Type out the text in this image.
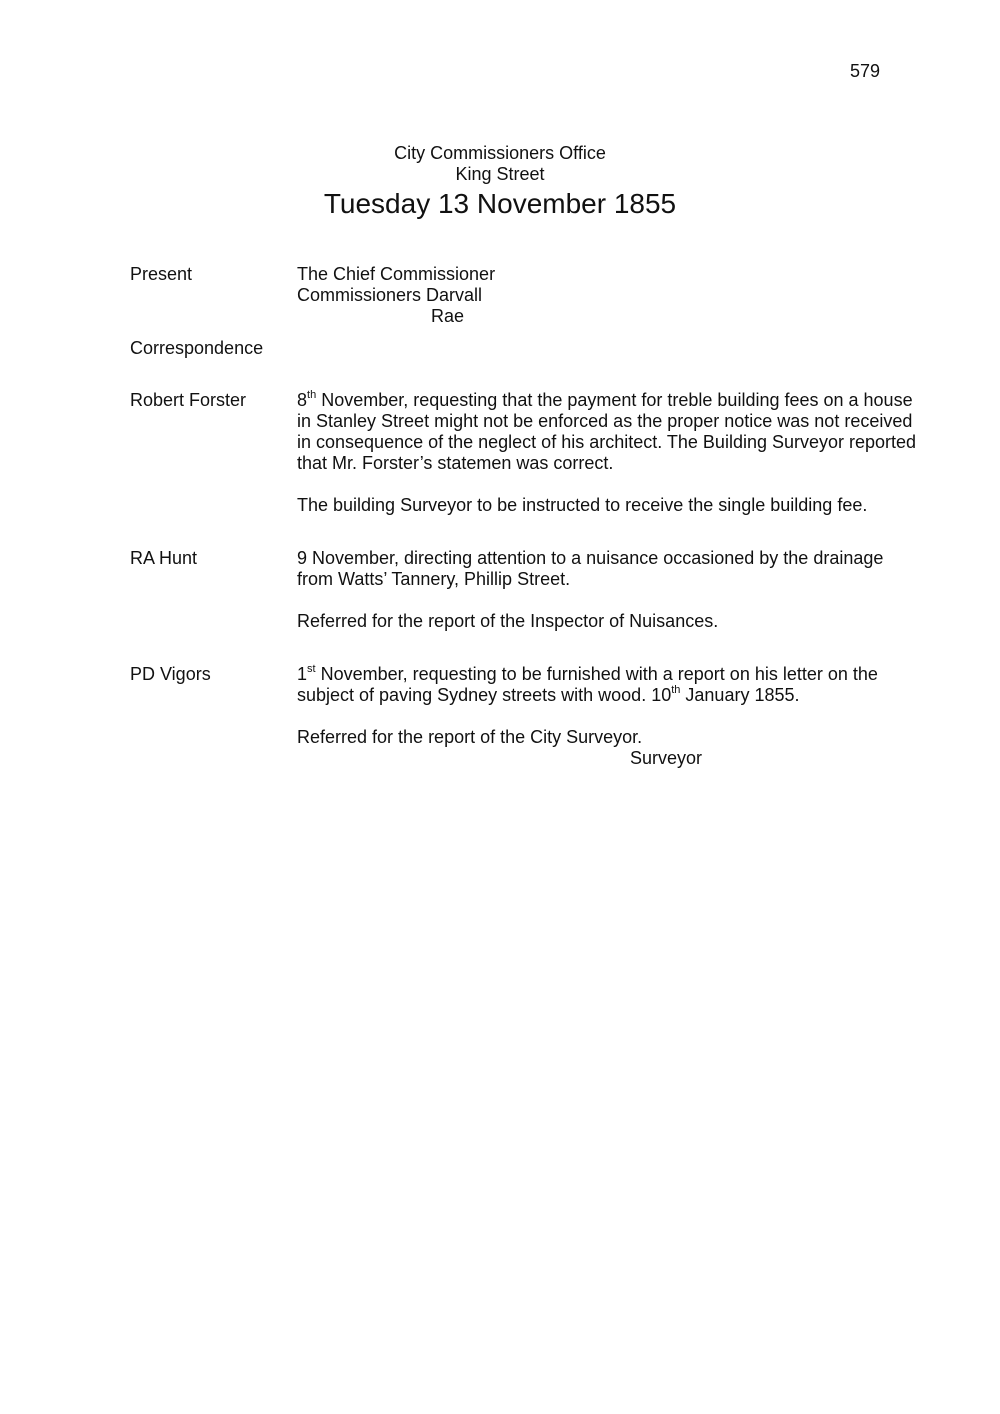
579
City Commissioners Office
King Street
Tuesday 13 November 1855
Present	The Chief Commissioner

Commissioners Darvall

Rae

Correspondence
Robert Forster	8th November, requesting that the payment for treble building fees on a house in Stanley Street might not be enforced as the proper notice was not received in consequence of the neglect of his architect. The Building Surveyor reported that Mr. Forster’s statemen was correct.

The building Surveyor to be instructed to receive the single building fee.

RA Hunt	9 November, directing attention to a nuisance occasioned by the drainage from Watts’ Tannery, Phillip Street.

Referred for the report of the Inspector of Nuisances.

PD Vigors	1st November, requesting to be furnished with a report on his letter on the subject of paving Sydney streets with wood. 10th January 1855.

Referred for the report of the City Surveyor.

Surveyor
